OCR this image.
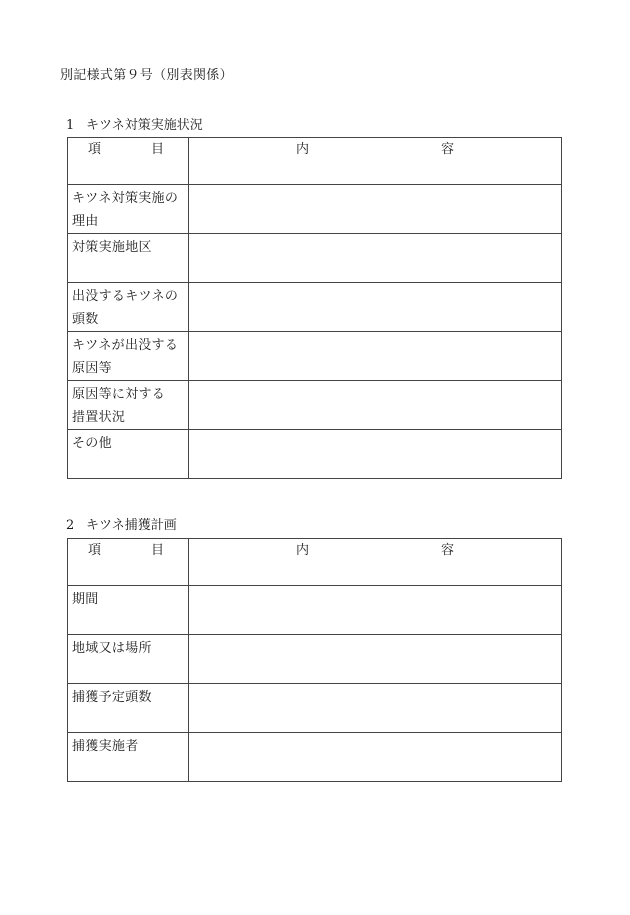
別記様式第９号（別表関係）
1 キツネ対策実施状況
項 目	内 容

キツネ対策実施の
理由	

対策実施地区	

出没するキツネの
頭数	

キツネが出没する
原因等	

原因等に対する
措置状況	

その他	

2 キツネ捕獲計画
項 目	内 容

期間	

地域又は場所	

捕獲予定頭数	

捕獲実施者	
